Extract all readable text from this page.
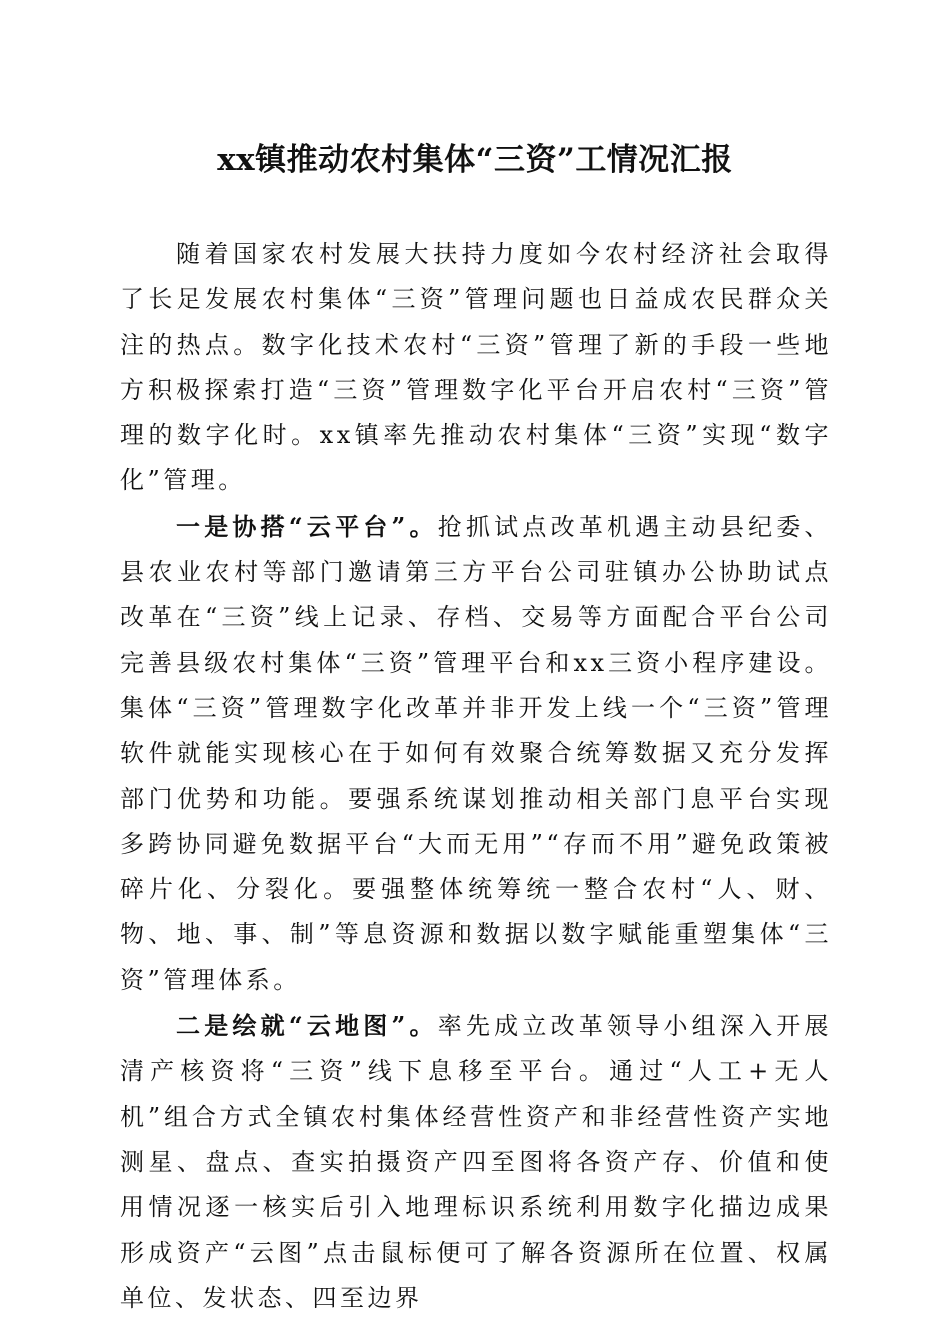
xx镇推动农村集体“三资”工情况汇报

随着国家农村发展大扶持力度如今农村经济社会取得了长足发展农村集体“三资”管理问题也日益成农民群众关注的热点。数字化技术农村“三资”管理了新的手段一些地方积极探索打造“三资”管理数字化平台开启农村“三资”管理的数字化时。xx镇率先推动农村集体“三资”实现“数字化”管理。

一是协搭“云平台”。抢抓试点改革机遇主动县纪委、县农业农村等部门邀请第三方平台公司驻镇办公协助试点改革在“三资”线上记录、存档、交易等方面配合平台公司完善县级农村集体“三资”管理平台和xx三资小程序建设。集体“三资”管理数字化改革并非开发上线一个“三资”管理软件就能实现核心在于如何有效聚合统筹数据又充分发挥部门优势和功能。要强系统谋划推动相关部门息平台实现多跨协同避免数据平台“大而无用”“存而不用”避免政策被碎片化、分裂化。要强整体统筹统一整合农村“人、财、物、地、事、制”等息资源和数据以数字赋能重塑集体“三资”管理体系。

二是绘就“云地图”。率先成立改革领导小组深入开展清产核资将“三资”线下息移至平台。通过“人工+无人机”组合方式全镇农村集体经营性资产和非经营性资产实地测星、盘点、查实拍摄资产四至图将各资产存、价值和使用情况逐一核实后引入地理标识系统利用数字化描边成果形成资产“云图”点击鼠标便可了解各资源所在位置、权属单位、发状态、四至边界
